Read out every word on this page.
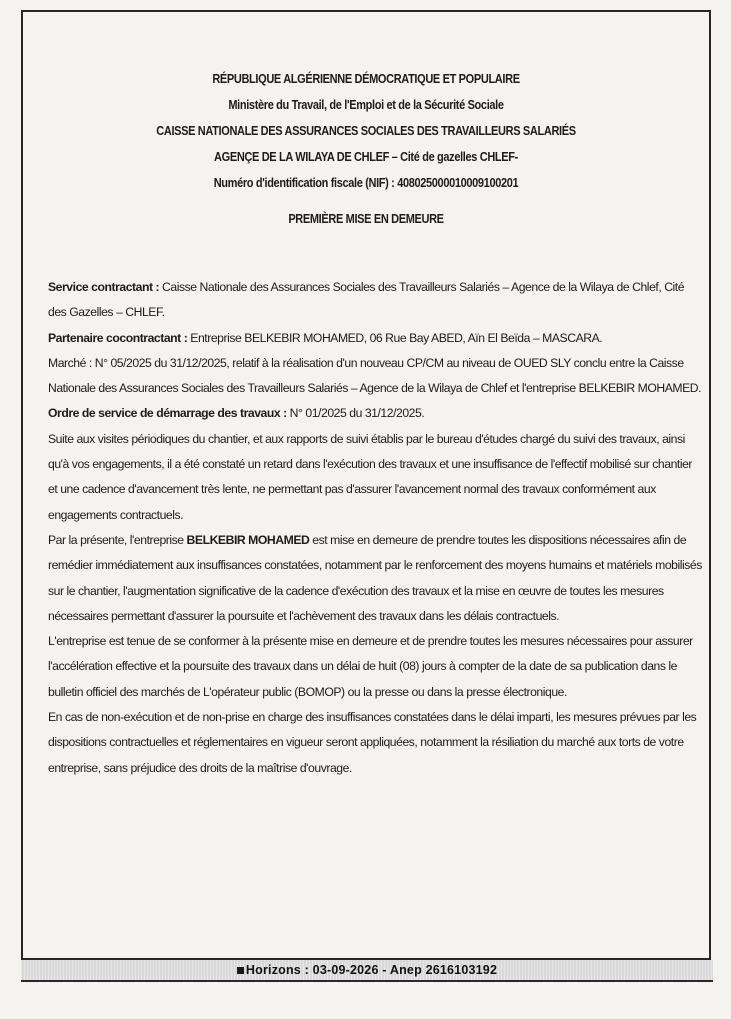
RÉPUBLIQUE ALGÉRIENNE DÉMOCRATIQUE ET POPULAIRE
Ministère du Travail, de l'Emploi et de la Sécurité Sociale
CAISSE NATIONALE DES ASSURANCES SOCIALES DES TRAVAILLEURS SALARIÉS
AGENÇE DE LA WILAYA DE CHLEF – Cité de gazelles CHLEF-
Numéro d'identification fiscale (NIF) : 408025000010009100201
PREMIÈRE MISE EN DEMEURE

Service contractant : Caisse Nationale des Assurances Sociales des Travailleurs Salariés – Agence de la Wilaya de Chlef, Cité des Gazelles – CHLEF.

Partenaire cocontractant : Entreprise BELKEBIR MOHAMED, 06 Rue Bay ABED, Aïn El Beïda – MASCARA.

Marché : N° 05/2025 du 31/12/2025, relatif à la réalisation d'un nouveau CP/CM au niveau de OUED SLY conclu entre la Caisse Nationale des Assurances Sociales des Travailleurs Salariés – Agence de la Wilaya de Chlef et l'entreprise BELKEBIR MOHAMED.

Ordre de service de démarrage des travaux : N° 01/2025 du 31/12/2025.

Suite aux visites périodiques du chantier, et aux rapports de suivi établis par le bureau d'études chargé du suivi des travaux, ainsi qu'à vos engagements, il a été constaté un retard dans l'exécution des travaux et une insuffisance de l'effectif mobilisé sur chantier et une cadence d'avancement très lente, ne permettant pas d'assurer l'avancement normal des travaux conformément aux engagements contractuels.

Par la présente, l'entreprise BELKEBIR MOHAMED est mise en demeure de prendre toutes les dispositions nécessaires afin de remédier immédiatement aux insuffisances constatées, notamment par le renforcement des moyens humains et matériels mobilisés sur le chantier, l'augmentation significative de la cadence d'exécution des travaux et la mise en œuvre de toutes les mesures nécessaires permettant d'assurer la poursuite et l'achèvement des travaux dans les délais contractuels.

L'entreprise est tenue de se conformer à la présente mise en demeure et de prendre toutes les mesures nécessaires pour assurer l'accélération effective et la poursuite des travaux dans un délai de huit (08) jours à compter de la date de sa publication dans le bulletin officiel des marchés de L'opérateur public (BOMOP) ou la presse ou dans la presse électronique.

En cas de non-exécution et de non-prise en charge des insuffisances constatées dans le délai imparti, les mesures prévues par les dispositions contractuelles et réglementaires en vigueur seront appliquées, notamment la résiliation du marché aux torts de votre entreprise, sans préjudice des droits de la maîtrise d'ouvrage.

Horizons : 03-09-2026 - Anep 2616103192
